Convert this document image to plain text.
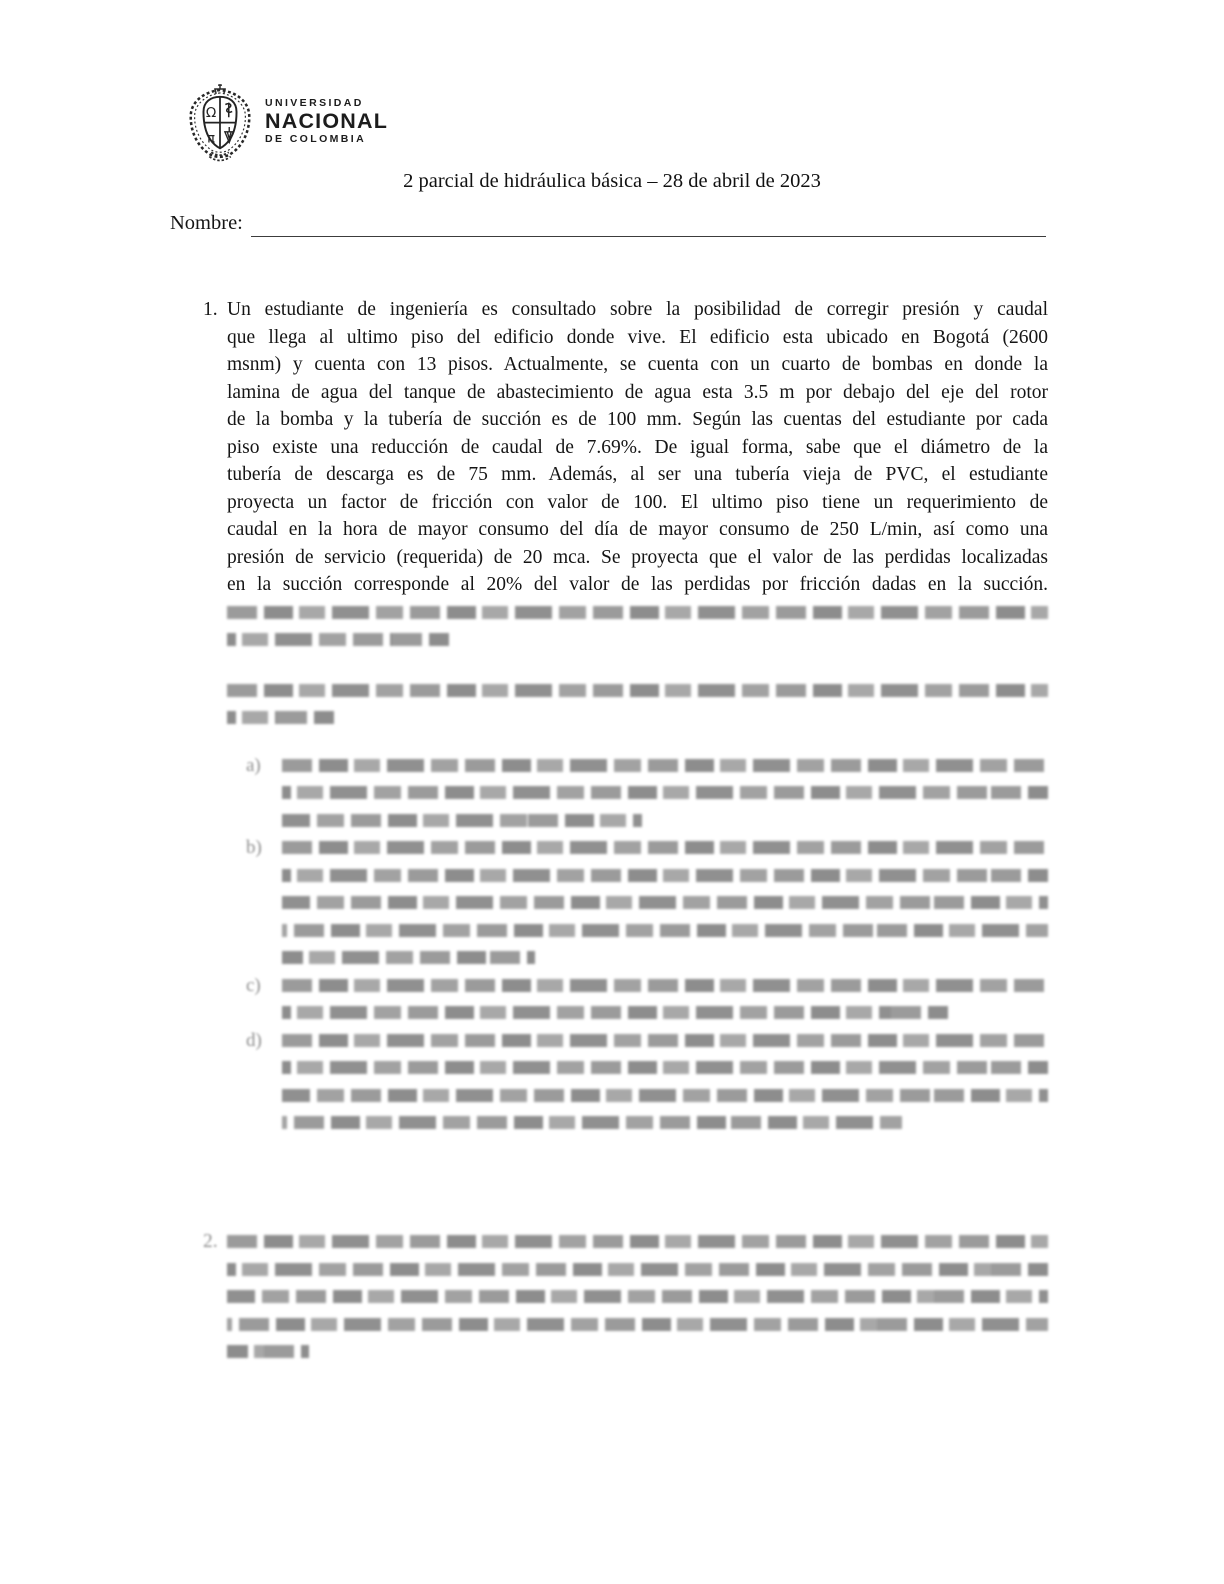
Ω
π
UNIVERSIDAD
NACIONAL
DE COLOMBIA
2 parcial de hidráulica básica – 28 de abril de 2023
Nombre:
1. Un estudiante de ingeniería es consultado sobre la posibilidad de corregir presión y caudal
que llega al ultimo piso del edificio donde vive. El edificio esta ubicado en Bogotá (2600
msnm) y cuenta con 13 pisos. Actualmente, se cuenta con un cuarto de bombas en donde la
lamina de agua del tanque de abastecimiento de agua esta 3.5 m por debajo del eje del rotor
de la bomba y la tubería de succión es de 100 mm. Según las cuentas del estudiante por cada
piso existe una reducción de caudal de 7.69%. De igual forma, sabe que el diámetro de la
tubería de descarga es de 75 mm. Además, al ser una tubería vieja de PVC, el estudiante
proyecta un factor de fricción con valor de 100. El ultimo piso tiene un requerimiento de
caudal en la hora de mayor consumo del día de mayor consumo de 250 L/min, así como una
presión de servicio (requerida) de 20 mca. Se proyecta que el valor de las perdidas localizadas
en la succión corresponde al 20% del valor de las perdidas por fricción dadas en la succión.
a)
b)
c)
d)
2.
